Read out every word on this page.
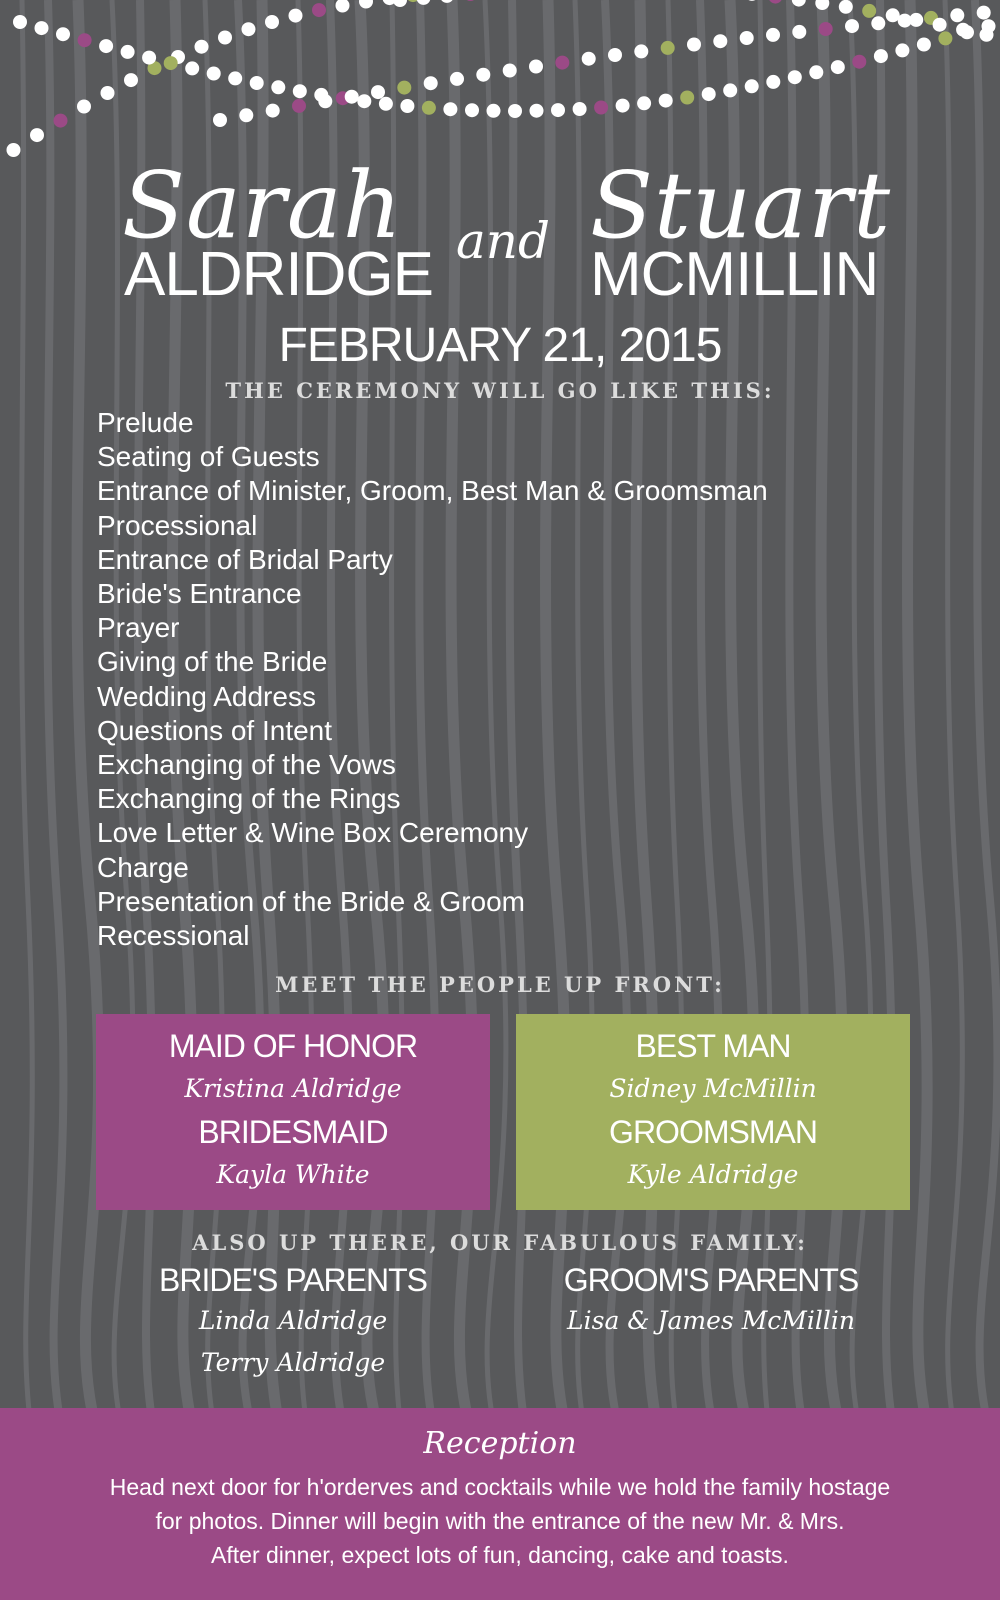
Sarah
ALDRIDGE and Stuart
MCMILLIN
FEBRUARY 21, 2015
THE CEREMONY WILL GO LIKE THIS:
Prelude
Seating of Guests
Entrance of Minister, Groom, Best Man & Groomsman
Processional
Entrance of Bridal Party
Bride's Entrance
Prayer
Giving of the Bride
Wedding Address
Questions of Intent
Exchanging of the Vows
Exchanging of the Rings
Love Letter & Wine Box Ceremony
Charge
Presentation of the Bride & Groom
Recessional
MEET THE PEOPLE UP FRONT:
MAID OF HONOR
Kristina Aldridge
BRIDESMAID
Kayla White
BEST MAN
Sidney McMillin
GROOMSMAN
Kyle Aldridge
ALSO UP THERE, OUR FABULOUS FAMILY:
BRIDE'S PARENTS
Linda Aldridge
Terry Aldridge
GROOM'S PARENTS
Lisa & James McMillin
Reception

Head next door for h'orderves and cocktails while we hold the family hostage
for photos. Dinner will begin with the entrance of the new Mr. & Mrs.
After dinner, expect lots of fun, dancing, cake and toasts.
